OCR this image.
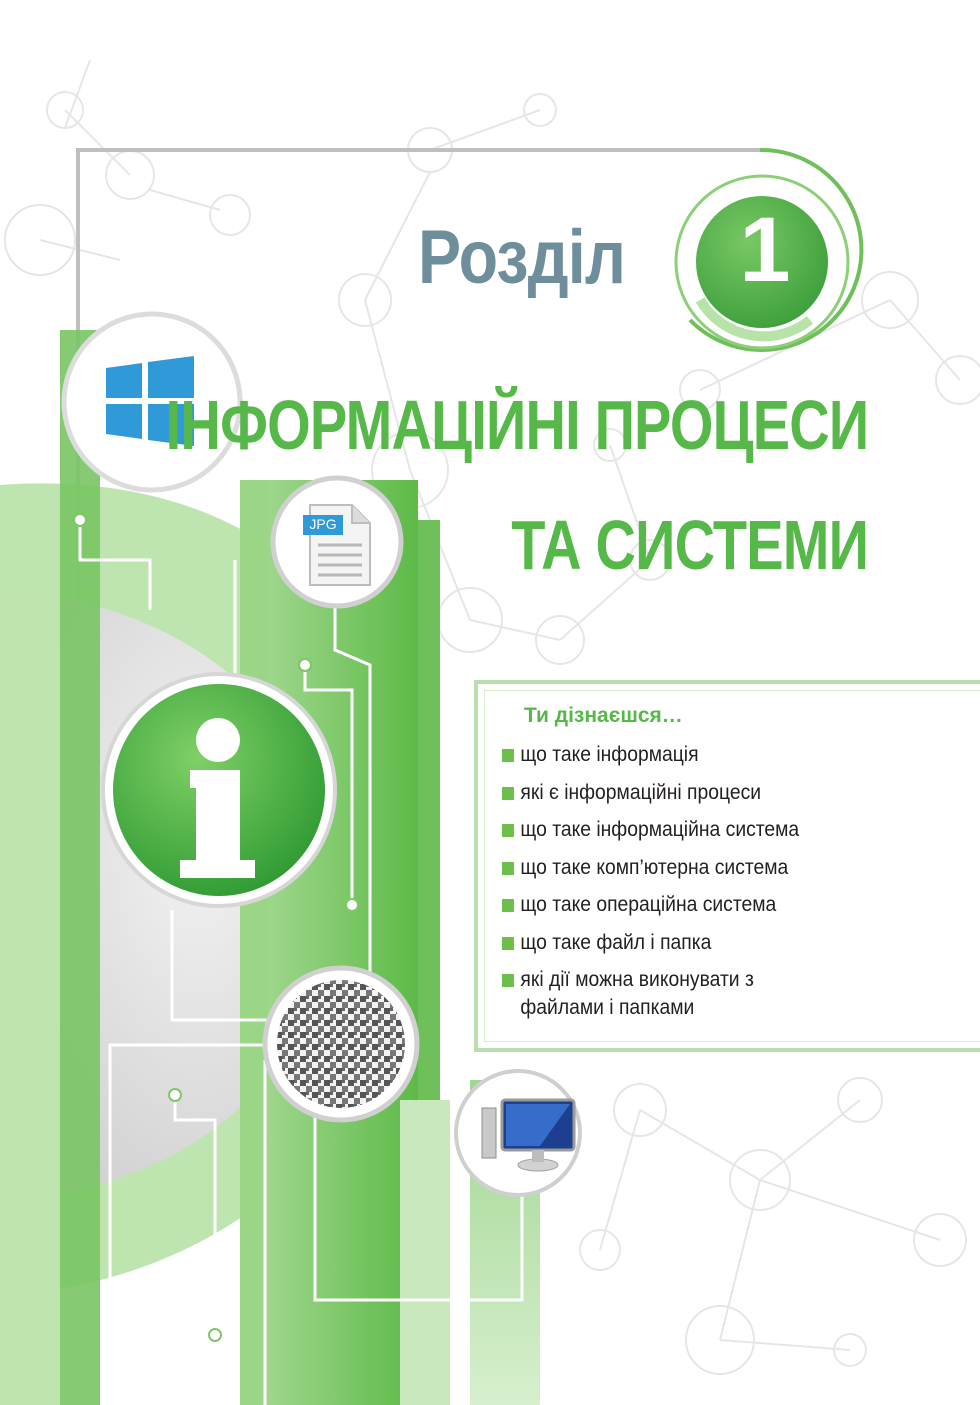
Розділ	1
ІНФОРМАЦІЙНІ ПРОЦЕСИ
ТА СИСТЕМИ
JPG
Ти дізнаєшся…
що таке інформація
які є інформаційні процеси
що таке інформаційна система
що таке комп’ютерна система
що таке операційна система
що таке файл і папка
які дії можна виконувати з файлами і папками
